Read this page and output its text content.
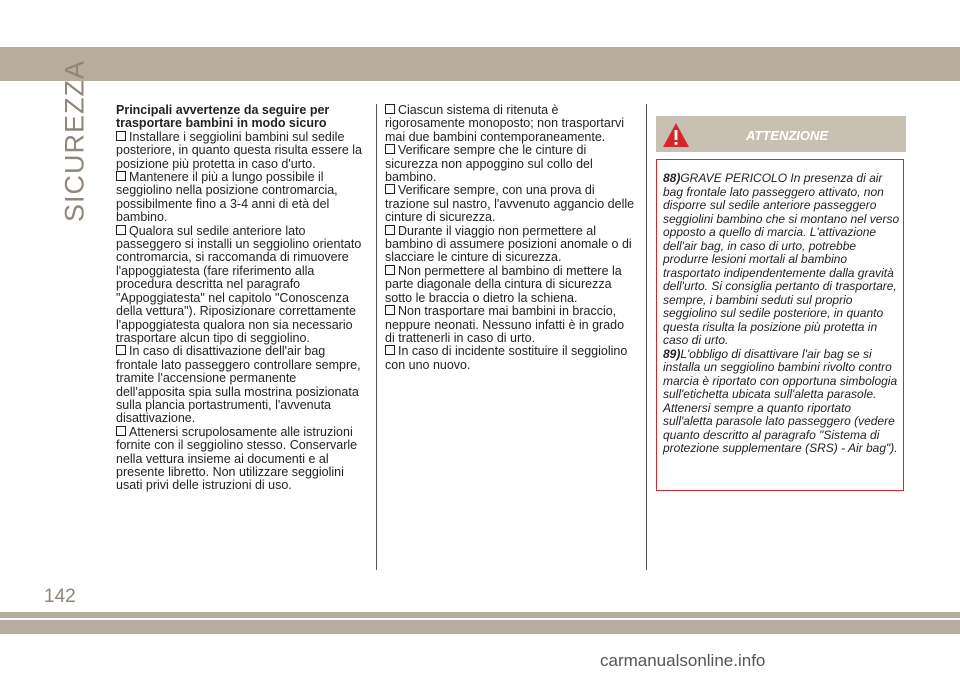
SICUREZZA Principali avvertenze da seguire per trasportare bambini in modo sicuro
Installare i seggiolini bambini sul sedile posteriore, in quanto questa risulta essere la posizione più protetta in caso d'urto.
Mantenere il più a lungo possibile il seggiolino nella posizione contromarcia, possibilmente fino a 3-4 anni di età del bambino.
Qualora sul sedile anteriore lato passeggero si installi un seggiolino orientato contromarcia, si raccomanda di rimuovere l'appoggiatesta (fare riferimento alla procedura descritta nel paragrafo "Appoggiatesta" nel capitolo "Conoscenza della vettura"). Riposizionare correttamente l'appoggiatesta qualora non sia necessario trasportare alcun tipo di seggiolino.
In caso di disattivazione dell'air bag frontale lato passeggero controllare sempre, tramite l'accensione permanente dell'apposita spia sulla mostrina posizionata sulla plancia portastrumenti, l'avvenuta disattivazione.
Attenersi scrupolosamente alle istruzioni fornite con il seggiolino stesso. Conservarle nella vettura insieme ai documenti e al presente libretto. Non utilizzare seggiolini usati privi delle istruzioni di uso.
Ciascun sistema di ritenuta è rigorosamente monoposto; non trasportarvi mai due bambini contemporaneamente.
Verificare sempre che le cinture di sicurezza non appoggino sul collo del bambino.
Verificare sempre, con una prova di trazione sul nastro, l'avvenuto aggancio delle cinture di sicurezza.
Durante il viaggio non permettere al bambino di assumere posizioni anomale o di slacciare le cinture di sicurezza.
Non permettere al bambino di mettere la parte diagonale della cintura di sicurezza sotto le braccia o dietro la schiena.
Non trasportare mai bambini in braccio, neppure neonati. Nessuno infatti è in grado di trattenerli in caso di urto.
In caso di incidente sostituire il seggiolino con uno nuovo.
ATTENZIONE
88)GRAVE PERICOLO In presenza di air bag frontale lato passeggero attivato, non disporre sul sedile anteriore passeggero seggiolini bambino che si montano nel verso opposto a quello di marcia. L'attivazione dell'air bag, in caso di urto, potrebbe produrre lesioni mortali al bambino trasportato indipendentemente dalla gravità dell'urto. Si consiglia pertanto di trasportare, sempre, i bambini seduti sul proprio seggiolino sul sedile posteriore, in quanto questa risulta la posizione più protetta in caso di urto.
89)L'obbligo di disattivare l'air bag se si installa un seggiolino bambini rivolto contro marcia è riportato con opportuna simbologia sull'etichetta ubicata sull'aletta parasole. Attenersi sempre a quanto riportato sull'aletta parasole lato passeggero (vedere quanto descritto al paragrafo "Sistema di protezione supplementare (SRS) - Air bag").
142
carmanualsonline.info
